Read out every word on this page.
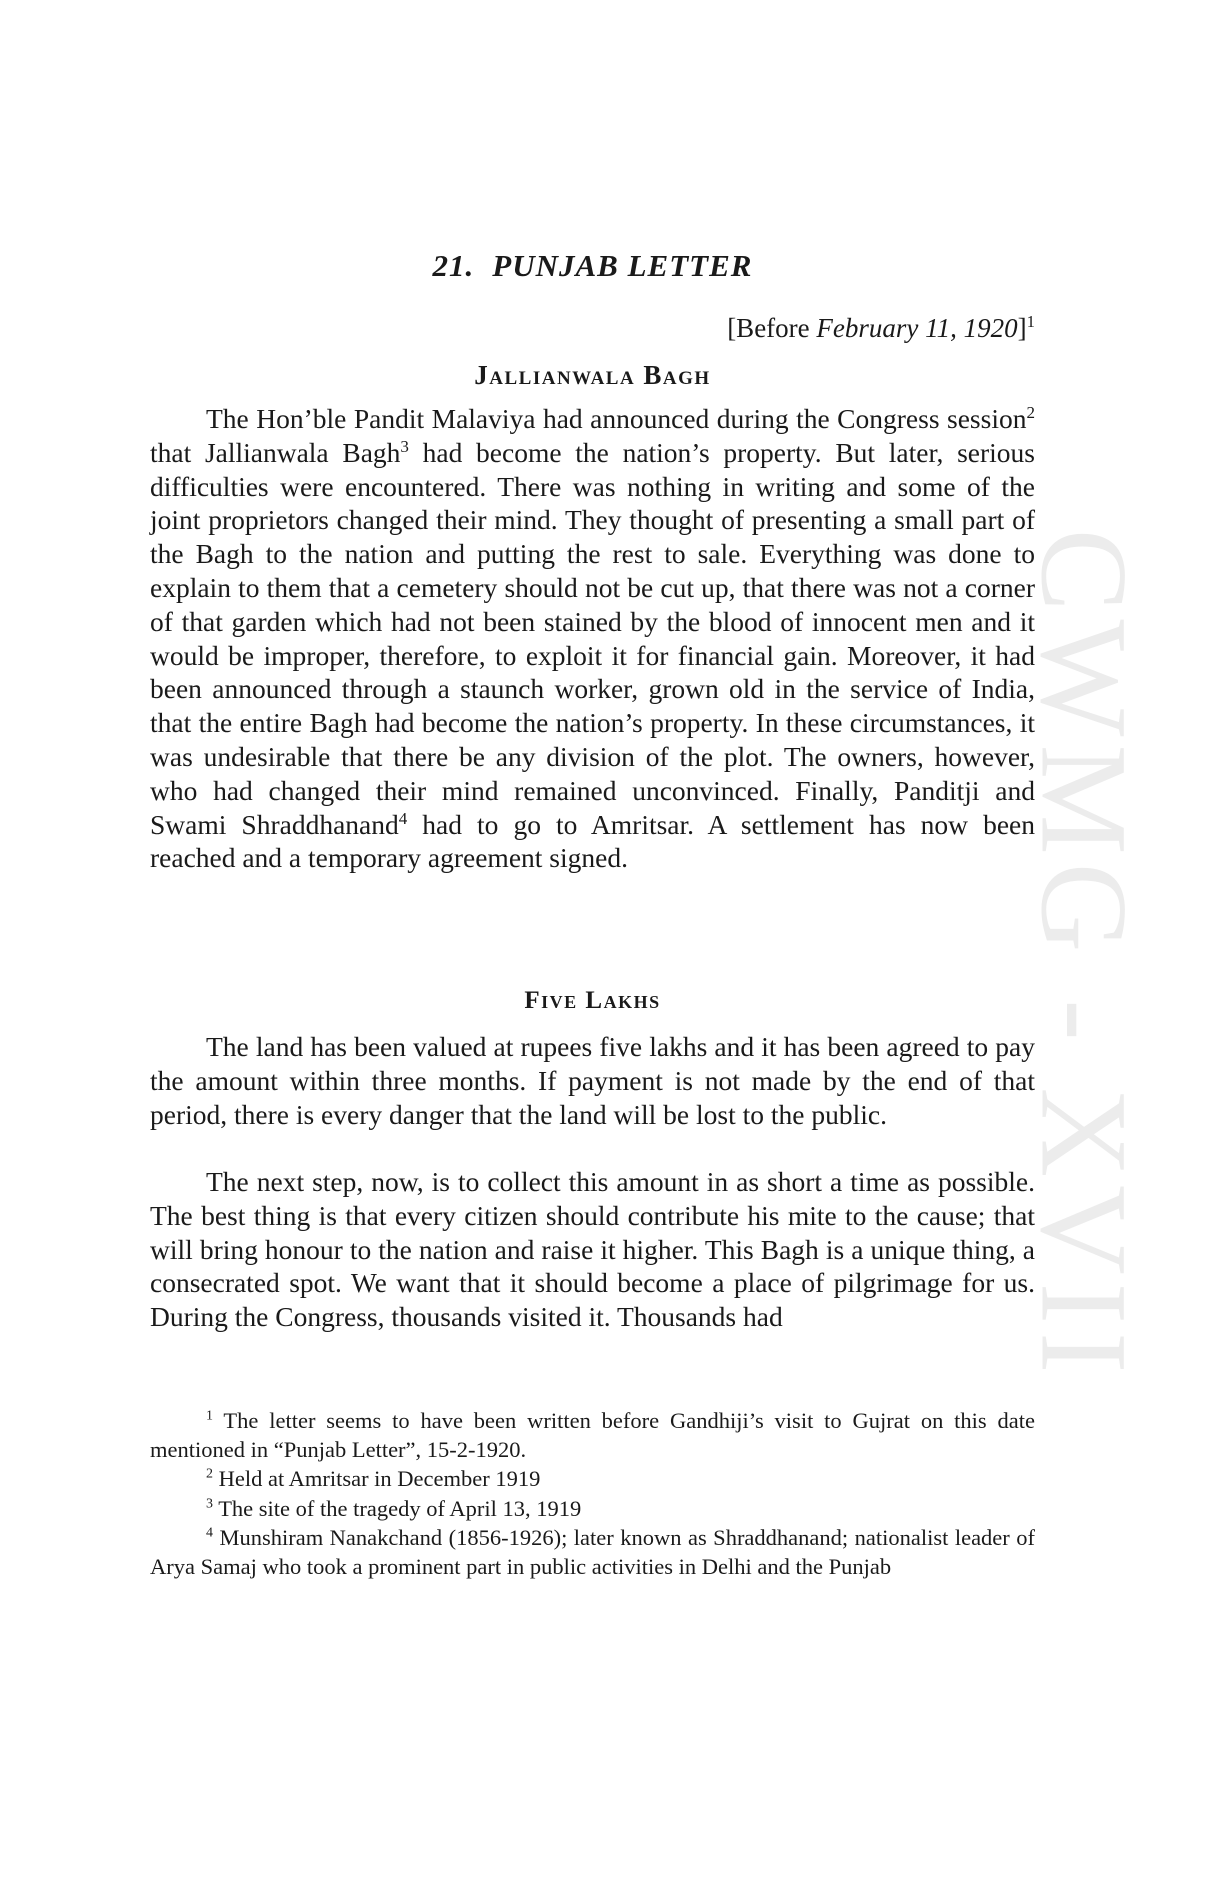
CWMG - XVII
21. PUNJAB LETTER
[Before February 11, 1920]$^1$
Jallianwala Bagh

The Hon’ble Pandit Malaviya had announced during the Congress session$^2$ that Jallianwala Bagh$^3$ had become the nation’s property. But later, serious difficulties were encountered. There was nothing in writing and some of the joint proprietors changed their mind. They thought of presenting a small part of the Bagh to the nation and putting the rest to sale. Everything was done to explain to them that a cemetery should not be cut up, that there was not a corner of that garden which had not been stained by the blood of innocent men and it would be improper, therefore, to exploit it for financial gain. Moreover, it had been announced through a staunch worker, grown old in the service of India, that the entire Bagh had become the nation’s property. In these circumstances, it was undesirable that there be any division of the plot. The owners, however, who had changed their mind remained unconvinced. Finally, Panditji and Swami Shraddhanand$^4$ had to go to Amritsar. A settlement has now been reached and a temporary agreement signed.

Five Lakhs

The land has been valued at rupees five lakhs and it has been agreed to pay the amount within three months. If payment is not made by the end of that period, there is every danger that the land will be lost to the public.

The next step, now, is to collect this amount in as short a time as possible. The best thing is that every citizen should contribute his mite to the cause; that will bring honour to the nation and raise it higher. This Bagh is a unique thing, a consecrated spot. We want that it should become a place of pilgrimage for us. During the Congress, thousands visited it. Thousands had

$^1$ The letter seems to have been written before Gandhiji’s visit to Gujrat on this date mentioned in “Punjab Letter”, 15-2-1920.

$^2$ Held at Amritsar in December 1919

$^3$ The site of the tragedy of April 13, 1919

$^4$ Munshiram Nanakchand (1856-1926); later known as Shraddhanand; nationalist leader of Arya Samaj who took a prominent part in public activities in Delhi and the Punjab
